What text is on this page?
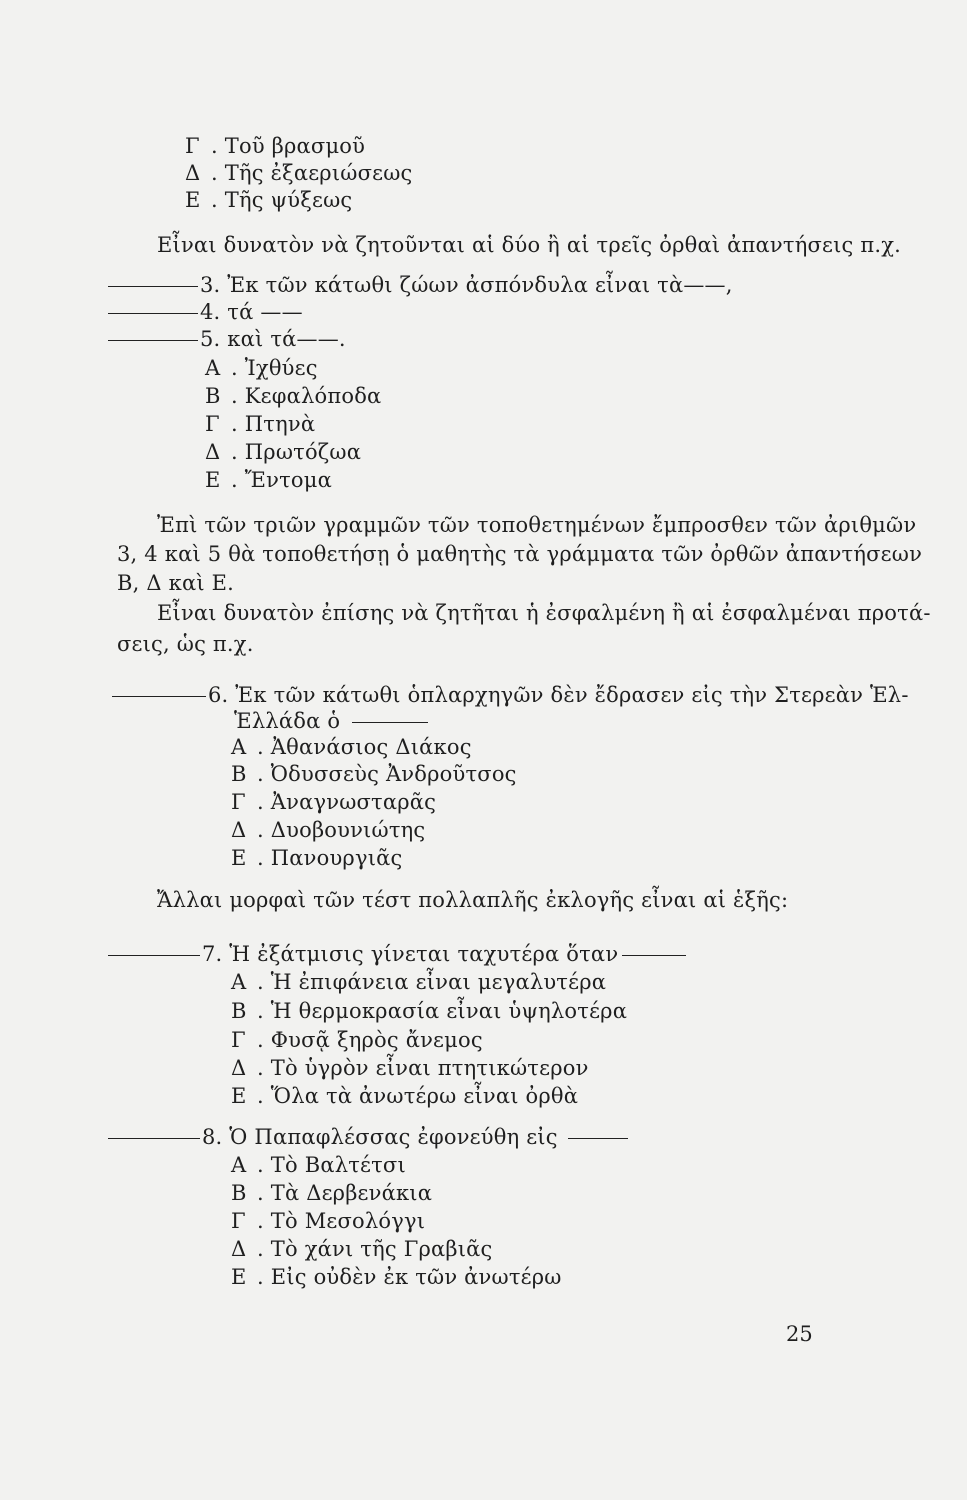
Γ . Τοῦ βρασμοῦ
Δ . Τῆς ἐξαεριώσεως
Ε . Τῆς ψύξεως
Εἶναι δυνατὸν νὰ ζητοῦνται αἱ δύο ἢ αἱ τρεῖς ὀρθαὶ ἀπαντήσεις π.χ.
3. Ἐκ τῶν κάτωθι ζώων ἀσπόνδυλα εἶναι τὰ——,
4. τά ——
5. καὶ τά——.
Α . Ἰχθύες
Β . Κεφαλόποδα
Γ . Πτηνὰ
Δ . Πρωτόζωα
Ε . Ἔντομα
Ἐπὶ τῶν τριῶν γραμμῶν τῶν τοποθετημένων ἔμπροσθεν τῶν ἀριθμῶν
3, 4 καὶ 5 θὰ τοποθετήσῃ ὁ μαθητὴς τὰ γράμματα τῶν ὀρθῶν ἀπαντήσεων
Β, Δ καὶ Ε.
Εἶναι δυνατὸν ἐπίσης νὰ ζητῆται ἡ ἐσφαλμένη ἢ αἱ ἐσφαλμέναι προτά-
σεις, ὡς π.χ.
6. Ἐκ τῶν κάτωθι ὁπλαρχηγῶν δὲν ἔδρασεν εἰς τὴν Στερεὰν Ἑλ-
Ἑλλάδα ὁ
Α . Ἀθανάσιος Διάκος
Β . Ὀδυσσεὺς Ἀνδροῦτσος
Γ . Ἀναγνωσταρᾶς
Δ . Δυοβουνιώτης
Ε . Πανουργιᾶς
Ἄλλαι μορφαὶ τῶν τέστ πολλαπλῆς ἐκλογῆς εἶναι αἱ ἑξῆς:
7. Ἡ ἐξάτμισις γίνεται ταχυτέρα ὅταν
Α . Ἡ ἐπιφάνεια εἶναι μεγαλυτέρα
Β . Ἡ θερμοκρασία εἶναι ὑψηλοτέρα
Γ . Φυσᾷ ξηρὸς ἄνεμος
Δ . Τὸ ὑγρὸν εἶναι πτητικώτερον
Ε . Ὅλα τὰ ἀνωτέρω εἶναι ὀρθὰ
8. Ὁ Παπαφλέσσας ἐφονεύθη εἰς
Α . Τὸ Βαλτέτσι
Β . Τὰ Δερβενάκια
Γ . Τὸ Μεσολόγγι
Δ . Τὸ χάνι τῆς Γραβιᾶς
Ε . Εἰς οὐδὲν ἐκ τῶν ἀνωτέρω
25
